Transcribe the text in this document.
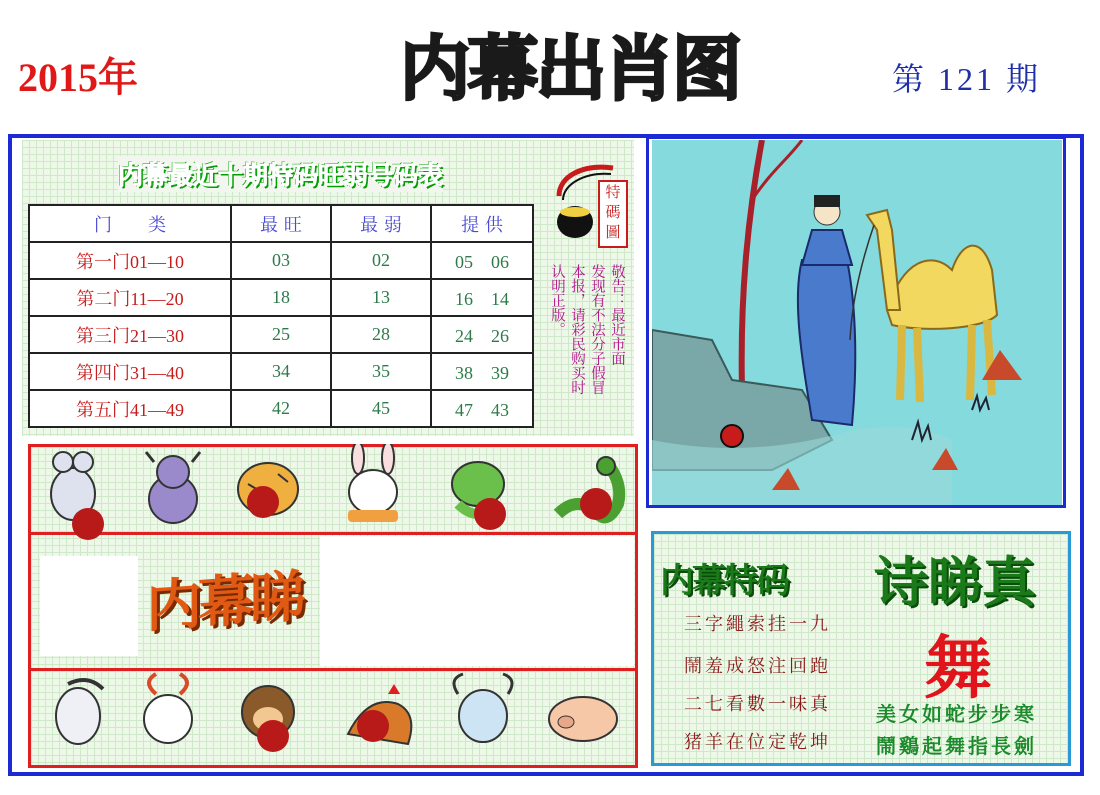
2015年	内 幕 出 肖 图	第 121 期
内幕最近十期特码旺弱号码表
门　　类	最 旺	最 弱	提 供
第一门01—10	03	02	05　06
第二门11—20	18	13	16　14
第三门21—30	25	28	24　26
第四门31—40	34	35	38　39
第五门41—49	42	45	47　43
特碼圖
敬告：最近市面
发现有不法分子假冒
本报，请彩民购买时
认明正版。
内幕睇	内幕特码 诗睇真
舞
三字繩索挂一九
鬧羞成怒注回跑
二七看數一味真
猪羊在位定乾坤
美女如蛇步步寒
鬧鷄起舞指長劍
